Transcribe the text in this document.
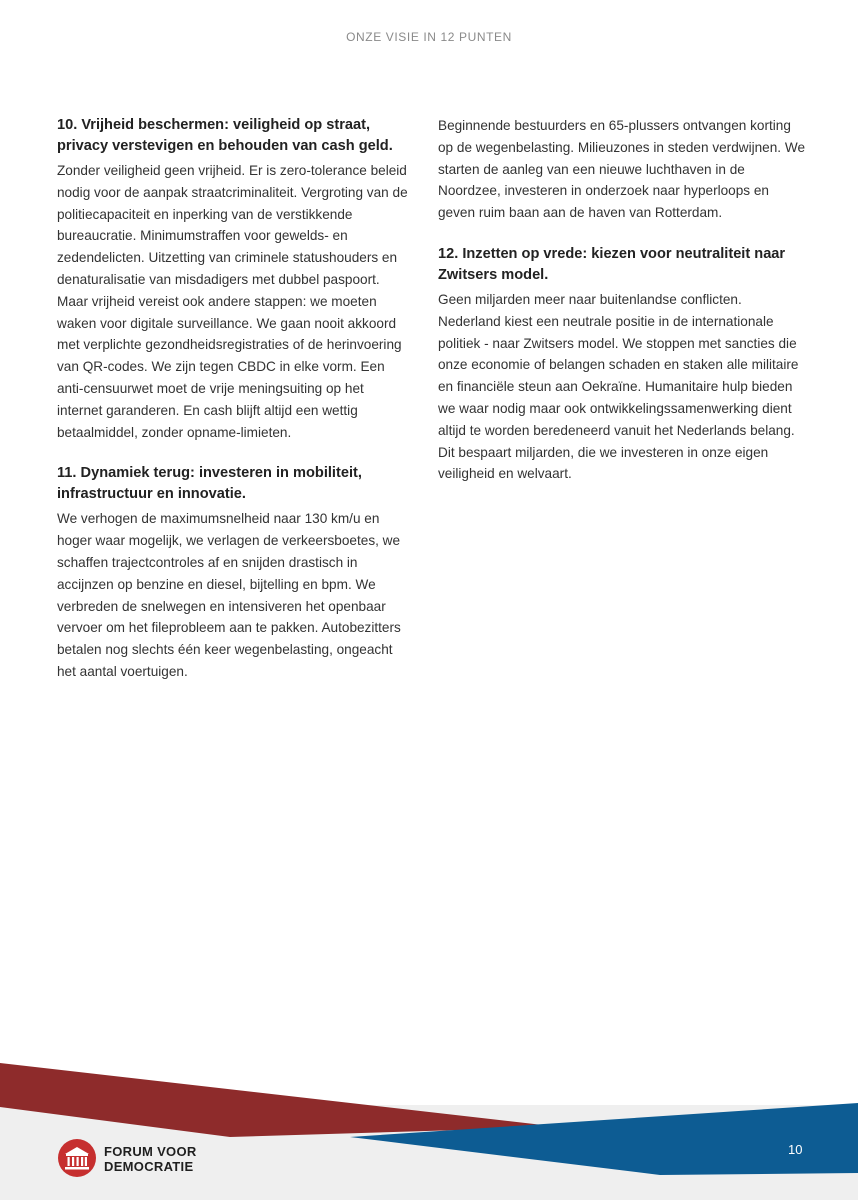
ONZE VISIE IN 12 PUNTEN
10. Vrijheid beschermen: veiligheid op straat, privacy verstevigen en behouden van cash geld.

Zonder veiligheid geen vrijheid. Er is zero-tolerance beleid nodig voor de aanpak straatcriminaliteit. Vergroting van de politiecapaciteit en inperking van de verstikkende bureaucratie. Minimumstraffen voor gewelds- en zedendelicten. Uitzetting van criminele statushouders en denaturalisatie van misdadigers met dubbel paspoort. Maar vrijheid vereist ook andere stappen: we moeten waken voor digitale surveillance. We gaan nooit akkoord met verplichte gezondheidsregistraties of de herinvoering van QR-codes. We zijn tegen CBDC in elke vorm. Een anti-censuurwet moet de vrije meningsuiting op het internet garanderen. En cash blijft altijd een wettig betaalmiddel, zonder opname-limieten.

11. Dynamiek terug: investeren in mobiliteit, infrastructuur en innovatie.

We verhogen de maximumsnelheid naar 130 km/u en hoger waar mogelijk, we verlagen de verkeersboetes, we schaffen trajectcontroles af en snijden drastisch in accijnzen op benzine en diesel, bijtelling en bpm. We verbreden de snelwegen en intensiveren het openbaar vervoer om het fileprobleem aan te pakken. Autobezitters betalen nog slechts één keer wegenbelasting, ongeacht het aantal voertuigen.

Beginnende bestuurders en 65-plussers ontvangen korting op de wegenbelasting. Milieuzones in steden verdwijnen. We starten de aanleg van een nieuwe luchthaven in de Noordzee, investeren in onderzoek naar hyperloops en geven ruim baan aan de haven van Rotterdam.

12. Inzetten op vrede: kiezen voor neutraliteit naar Zwitsers model.

Geen miljarden meer naar buitenlandse conflicten. Nederland kiest een neutrale positie in de internationale politiek - naar Zwitsers model. We stoppen met sancties die onze economie of belangen schaden en staken alle militaire en financiële steun aan Oekraïne. Humanitaire hulp bieden we waar nodig maar ook ontwikkelingssamenwerking dient altijd te worden beredeneerd vanuit het Nederlands belang. Dit bespaart miljarden, die we investeren in onze eigen veiligheid en welvaart.

FORUM VOOR
DEMOCRATIE
10
